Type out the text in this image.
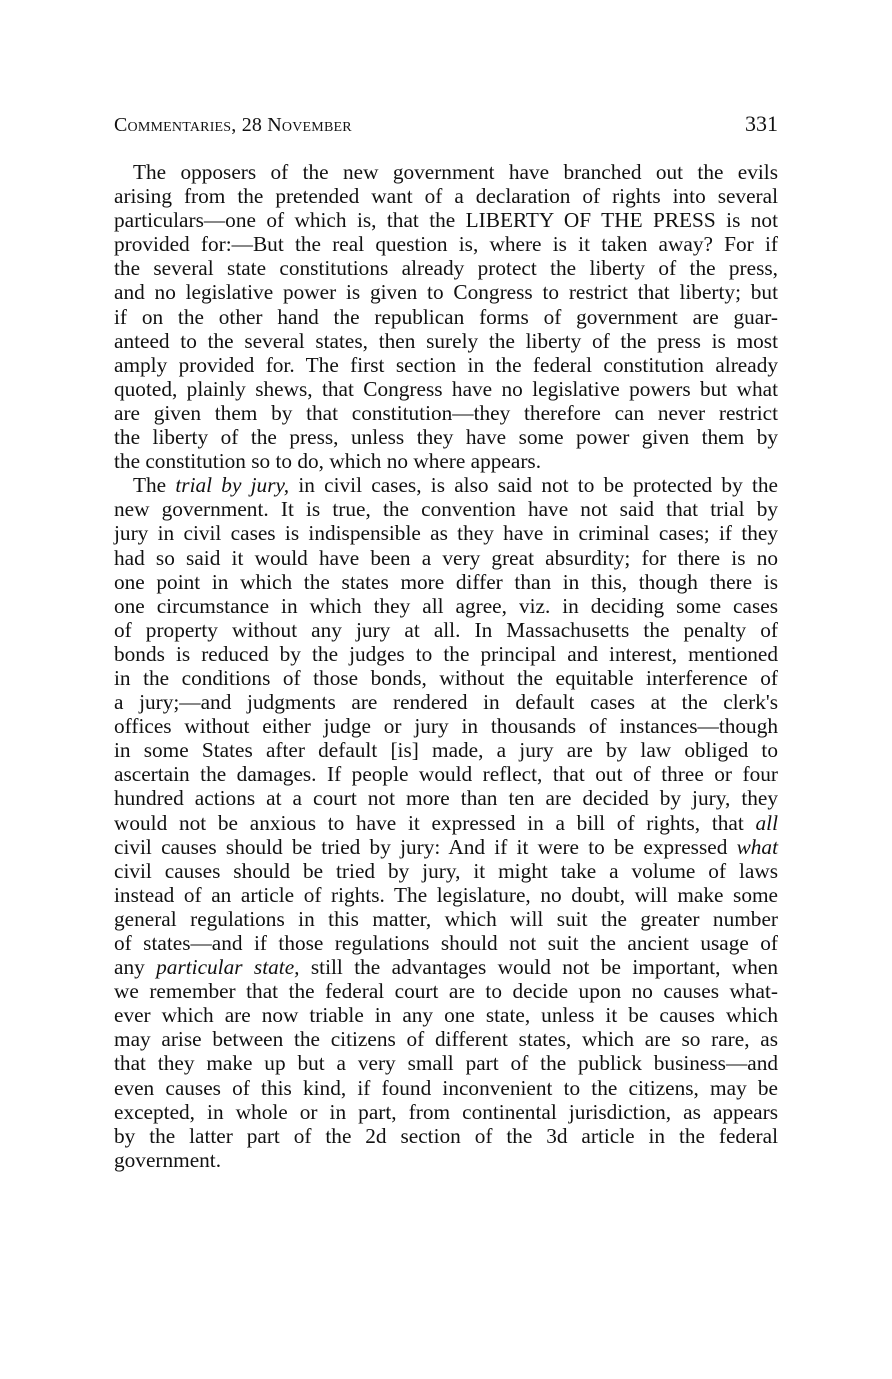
Commentaries, 28 November	331
The opposers of the new government have branched out the evils
arising from the pretended want of a declaration of rights into several
particulars—one of which is, that the LIBERTY OF THE PRESS is not
provided for:—But the real question is, where is it taken away? For if
the several state constitutions already protect the liberty of the press,
and no legislative power is given to Congress to restrict that liberty; but
if on the other hand the republican forms of government are guar-
anteed to the several states, then surely the liberty of the press is most
amply provided for. The first section in the federal constitution already
quoted, plainly shews, that Congress have no legislative powers but what
are given them by that constitution—they therefore can never restrict
the liberty of the press, unless they have some power given them by
the constitution so to do, which no where appears.
The trial by jury, in civil cases, is also said not to be protected by the
new government. It is true, the convention have not said that trial by
jury in civil cases is indispensible as they have in criminal cases; if they
had so said it would have been a very great absurdity; for there is no
one point in which the states more differ than in this, though there is
one circumstance in which they all agree, viz. in deciding some cases
of property without any jury at all. In Massachusetts the penalty of
bonds is reduced by the judges to the principal and interest, mentioned
in the conditions of those bonds, without the equitable interference of
a jury;—and judgments are rendered in default cases at the clerk's
offices without either judge or jury in thousands of instances—though
in some States after default [is] made, a jury are by law obliged to
ascertain the damages. If people would reflect, that out of three or four
hundred actions at a court not more than ten are decided by jury, they
would not be anxious to have it expressed in a bill of rights, that all
civil causes should be tried by jury: And if it were to be expressed what
civil causes should be tried by jury, it might take a volume of laws
instead of an article of rights. The legislature, no doubt, will make some
general regulations in this matter, which will suit the greater number
of states—and if those regulations should not suit the ancient usage of
any particular state, still the advantages would not be important, when
we remember that the federal court are to decide upon no causes what-
ever which are now triable in any one state, unless it be causes which
may arise between the citizens of different states, which are so rare, as
that they make up but a very small part of the publick business—and
even causes of this kind, if found inconvenient to the citizens, may be
excepted, in whole or in part, from continental jurisdiction, as appears
by the latter part of the 2d section of the 3d article in the federal
government.
